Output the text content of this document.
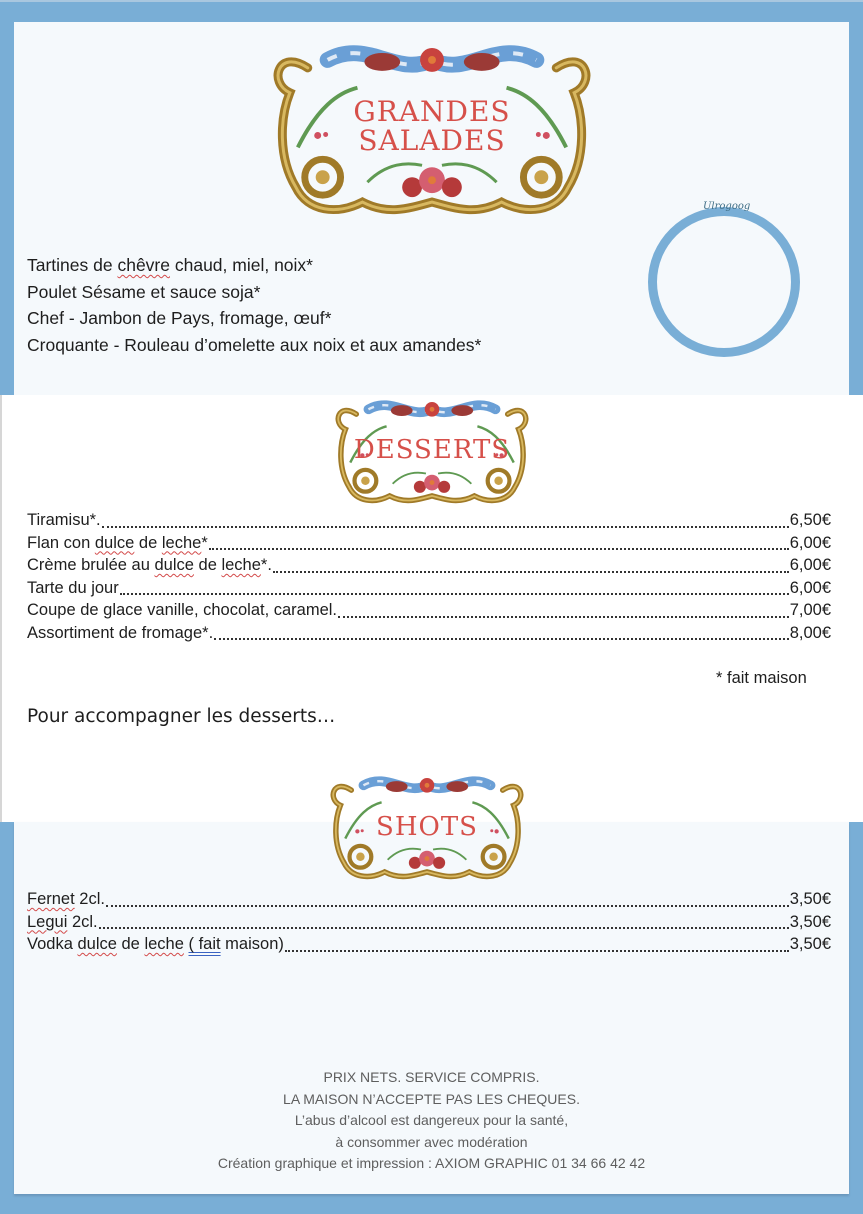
GRANDES
SALADES
Ulrogoog
Tartines de chêvre chaud, miel, noix*
Poulet Sésame et sauce soja*
Chef - Jambon de Pays, fromage, œuf*
Croquante - Rouleau d’omelette aux noix et aux amandes*
DESSERTS
Tiramisu*.	6,50€
Flan con dulce de leche*	6,00€
Crème brulée au dulce de leche*.	6,00€
Tarte du jour	6,00€
Coupe de glace vanille, chocolat, caramel.	7,00€
Assortiment de fromage*.	8,00€
* fait maison
Pour accompagner les desserts…
SHOTS
Fernet 2cl.	3,50€
Legui 2cl.	3,50€
Vodka dulce de leche ( fait maison)	3,50€
PRIX NETS. SERVICE COMPRIS.
LA MAISON N’ACCEPTE PAS LES CHEQUES.
L’abus d’alcool est dangereux pour la santé,
à consommer avec modération
Création graphique et impression : AXIOM GRAPHIC 01 34 66 42 42
